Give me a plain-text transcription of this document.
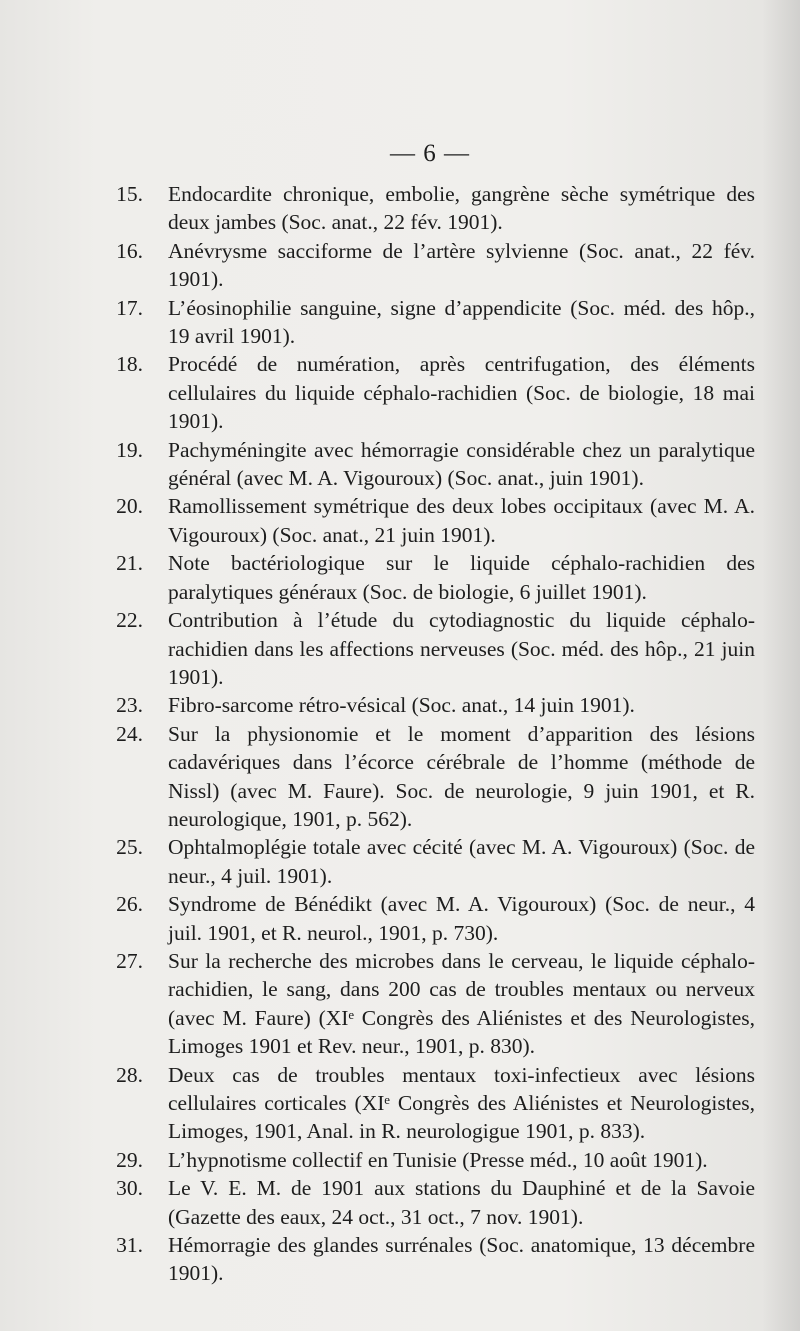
— 6 —

15. Endocardite chronique, embolie, gangrène sèche symétrique des deux jambes (Soc. anat., 22 fév. 1901).

16. Anévrysme sacciforme de l’artère sylvienne (Soc. anat., 22 fév. 1901).

17. L’éosinophilie sanguine, signe d’appendicite (Soc. méd. des hôp., 19 avril 1901).

18. Procédé de numération, après centrifugation, des éléments cellulaires du liquide céphalo-rachidien (Soc. de biologie, 18 mai 1901).

19. Pachyméningite avec hémorragie considérable chez un paralytique général (avec M. A. Vigouroux) (Soc. anat., juin 1901).

20. Ramollissement symétrique des deux lobes occipitaux (avec M. A. Vigouroux) (Soc. anat., 21 juin 1901).

21. Note bactériologique sur le liquide céphalo-rachidien des paralytiques généraux (Soc. de biologie, 6 juillet 1901).

22. Contribution à l’étude du cytodiagnostic du liquide céphalo-rachidien dans les affections nerveuses (Soc. méd. des hôp., 21 juin 1901).

23. Fibro-sarcome rétro-vésical (Soc. anat., 14 juin 1901).

24. Sur la physionomie et le moment d’apparition des lésions cadavériques dans l’écorce cérébrale de l’homme (méthode de Nissl) (avec M. Faure). Soc. de neurologie, 9 juin 1901, et R. neurologique, 1901, p. 562).

25. Ophtalmoplégie totale avec cécité (avec M. A. Vigouroux) (Soc. de neur., 4 juil. 1901).

26. Syndrome de Bénédikt (avec M. A. Vigouroux) (Soc. de neur., 4 juil. 1901, et R. neurol., 1901, p. 730).

27. Sur la recherche des microbes dans le cerveau, le liquide céphalo-rachidien, le sang, dans 200 cas de troubles mentaux ou nerveux (avec M. Faure) (XIᵉ Congrès des Aliénistes et des Neurologistes, Limoges 1901 et Rev. neur., 1901, p. 830).

28. Deux cas de troubles mentaux toxi-infectieux avec lésions cellulaires corticales (XIᵉ Congrès des Aliénistes et Neurologistes, Limoges, 1901, Anal. in R. neurologigue 1901, p. 833).

29. L’hypnotisme collectif en Tunisie (Presse méd., 10 août 1901).

30. Le V. E. M. de 1901 aux stations du Dauphiné et de la Savoie (Gazette des eaux, 24 oct., 31 oct., 7 nov. 1901).

31. Hémorragie des glandes surrénales (Soc. anatomique, 13 décembre 1901).
